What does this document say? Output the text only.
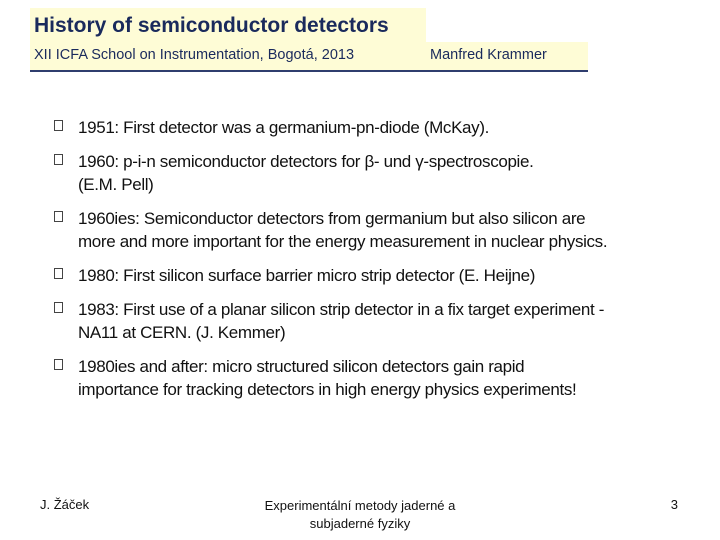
History of semiconductor detectors
XII ICFA School on Instrumentation, Bogotá, 2013	Manfred Krammer
1951: First detector was a germanium-pn-diode (McKay).
1960: p-i-n semiconductor detectors for β- und γ-spectroscopie.
(E.M. Pell)
1960ies: Semiconductor detectors from germanium but also silicon are
more and more important for the energy measurement in nuclear physics.
1980: First silicon surface barrier micro strip detector (E. Heijne)
1983: First use of a planar silicon strip detector in a fix target experiment -
NA11 at CERN. (J. Kemmer)
1980ies and after: micro structured silicon detectors gain rapid
importance for tracking detectors in high energy physics experiments!
J. Žáček	Experimentální metody jaderné a
subjaderné fyziky
3
